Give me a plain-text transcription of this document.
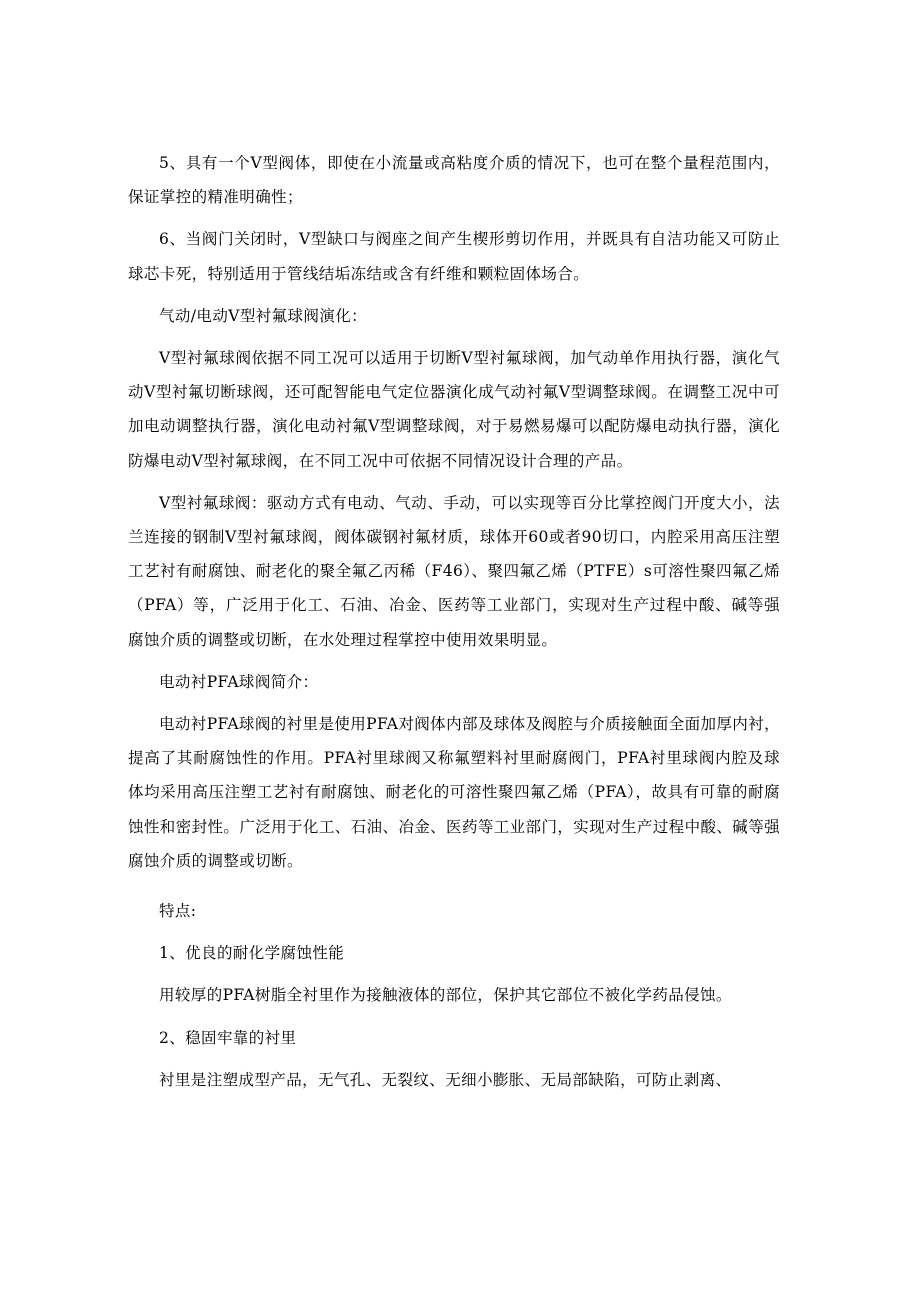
5、具有一个V型阀体，即使在小流量或高粘度介质的情况下，也可在整个量程范围内，保证掌控的精准明确性；

6、当阀门关闭时，V型缺口与阀座之间产生楔形剪切作用，并既具有自洁功能又可防止球芯卡死，特别适用于管线结垢冻结或含有纤维和颗粒固体场合。

气动/电动V型衬氟球阀演化：

V型衬氟球阀依据不同工况可以适用于切断V型衬氟球阀，加气动单作用执行器，演化气动V型衬氟切断球阀，还可配智能电气定位器演化成气动衬氟V型调整球阀。在调整工况中可加电动调整执行器，演化电动衬氟V型调整球阀，对于易燃易爆可以配防爆电动执行器，演化防爆电动V型衬氟球阀，在不同工况中可依据不同情况设计合理的产品。

V型衬氟球阀：驱动方式有电动、气动、手动，可以实现等百分比掌控阀门开度大小，法兰连接的钢制V型衬氟球阀，阀体碳钢衬氟材质，球体开60或者90切口，内腔采用高压注塑工艺衬有耐腐蚀、耐老化的聚全氟乙丙稀（F46）、聚四氟乙烯（PTFE）s可溶性聚四氟乙烯（PFA）等，广泛用于化工、石油、冶金、医药等工业部门，实现对生产过程中酸、碱等强腐蚀介质的调整或切断，在水处理过程掌控中使用效果明显。

电动衬PFA球阀简介：

电动衬PFA球阀的衬里是使用PFA对阀体内部及球体及阀腔与介质接触面全面加厚内衬，提高了其耐腐蚀性的作用。PFA衬里球阀又称氟塑料衬里耐腐阀门，PFA衬里球阀内腔及球体均采用高压注塑工艺衬有耐腐蚀、耐老化的可溶性聚四氟乙烯（PFA），故具有可靠的耐腐蚀性和密封性。广泛用于化工、石油、冶金、医药等工业部门，实现对生产过程中酸、碱等强腐蚀介质的调整或切断。

特点:

1、优良的耐化学腐蚀性能

用较厚的PFA树脂全衬里作为接触液体的部位，保护其它部位不被化学药品侵蚀。

2、稳固牢靠的衬里

衬里是注塑成型产品，无气孔、无裂纹、无细小膨胀、无局部缺陷，可防止剥离、
